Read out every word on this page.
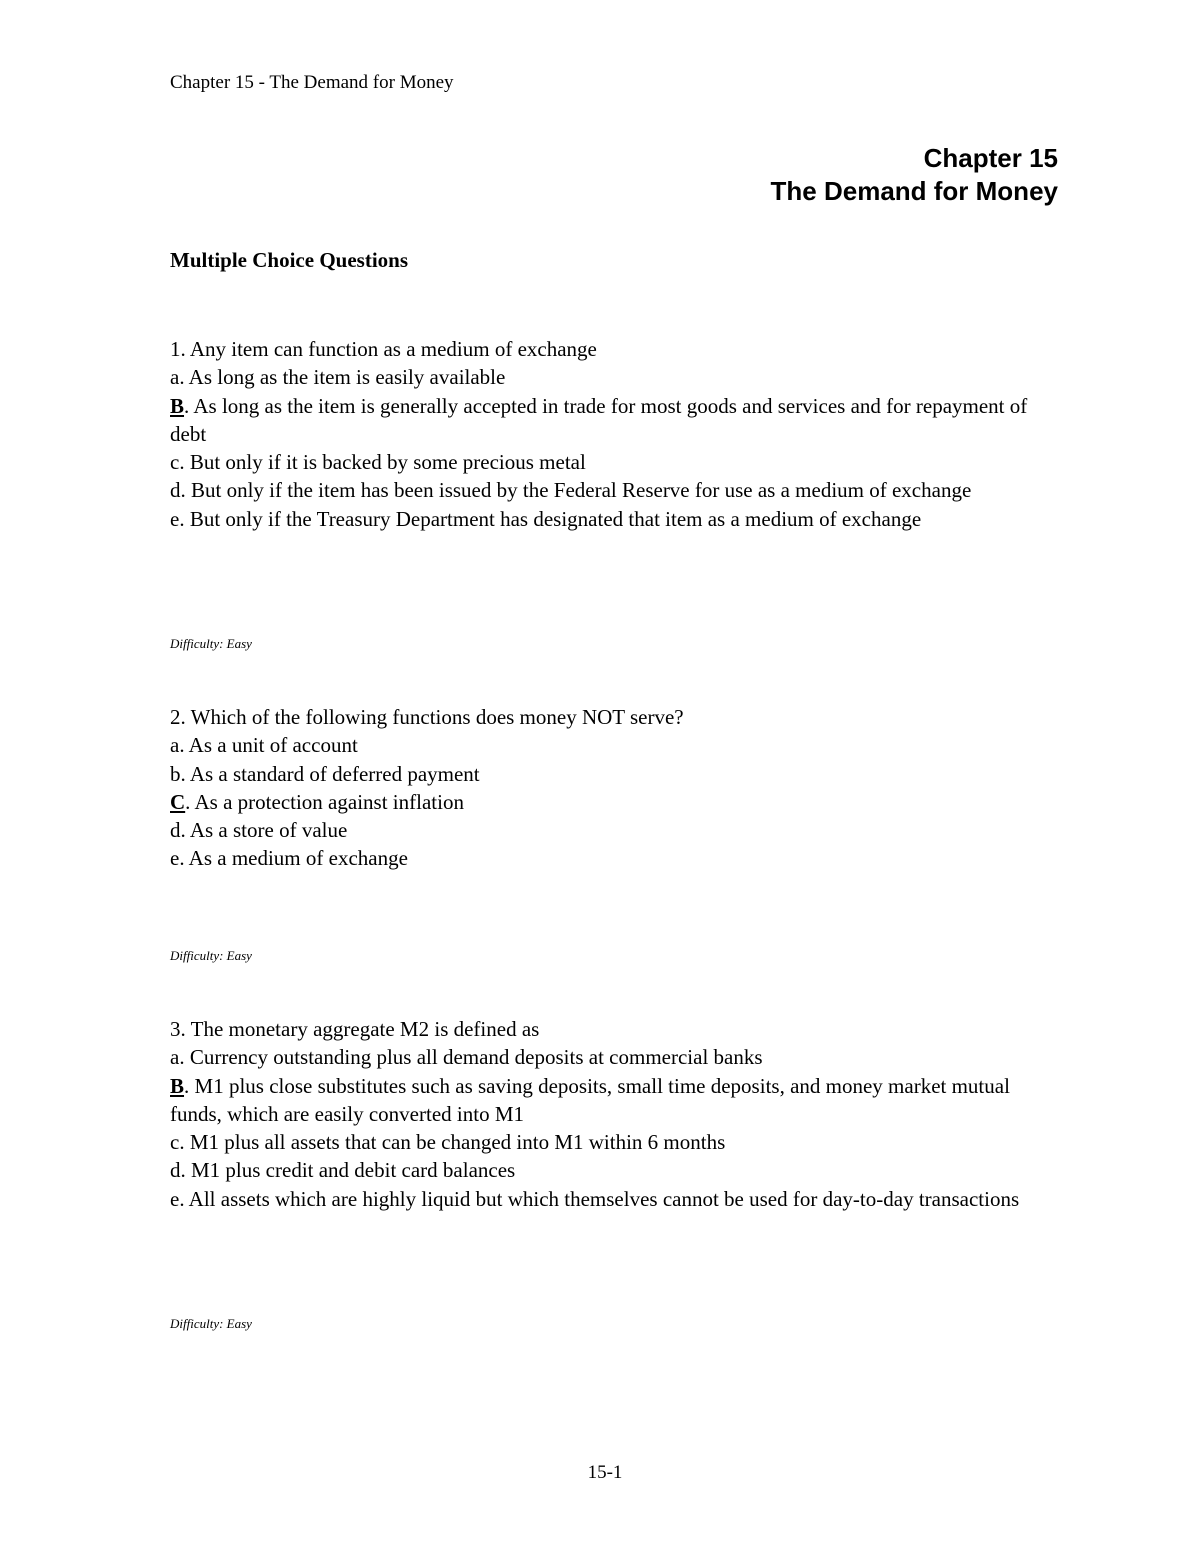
Chapter 15 - The Demand for Money
Chapter 15
The Demand for Money
Multiple Choice Questions
1. Any item can function as a medium of exchange
a. As long as the item is easily available
B. As long as the item is generally accepted in trade for most goods and services and for repayment of debt
c. But only if it is backed by some precious metal
d. But only if the item has been issued by the Federal Reserve for use as a medium of exchange
e. But only if the Treasury Department has designated that item as a medium of exchange
Difficulty: Easy
2. Which of the following functions does money NOT serve?
a. As a unit of account
b. As a standard of deferred payment
C. As a protection against inflation
d. As a store of value
e. As a medium of exchange
Difficulty: Easy
3. The monetary aggregate M2 is defined as
a. Currency outstanding plus all demand deposits at commercial banks
B. M1 plus close substitutes such as saving deposits, small time deposits, and money market mutual funds, which are easily converted into M1
c. M1 plus all assets that can be changed into M1 within 6 months
d. M1 plus credit and debit card balances
e. All assets which are highly liquid but which themselves cannot be used for day-to-day transactions
Difficulty: Easy
15-1
